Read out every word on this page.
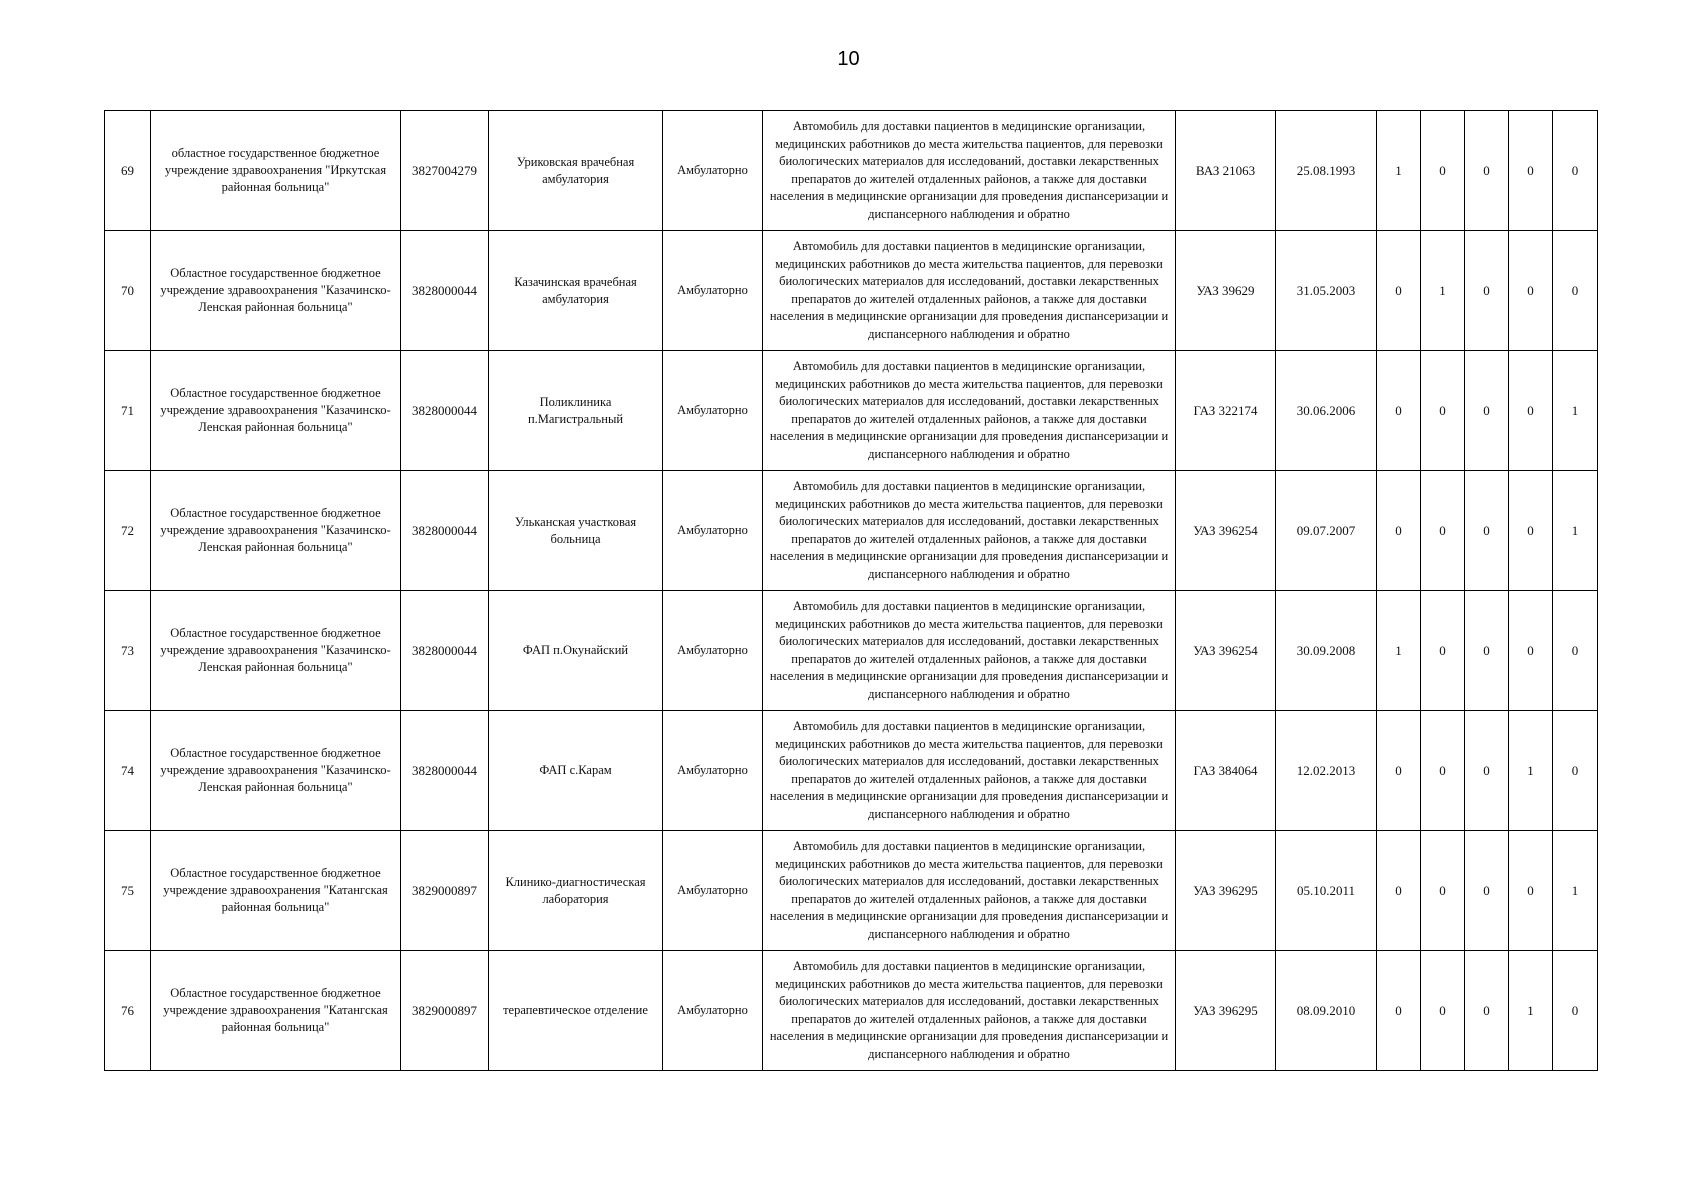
10
69	областное государственное бюджетное учреждение здравоохранения "Иркутская районная больница"	3827004279	Уриковская врачебная амбулатория	Амбулаторно	Автомобиль для доставки пациентов в медицинские организации, медицинских работников до места жительства пациентов, для перевозки биологических материалов для исследований, доставки лекарственных препаратов до жителей отдаленных районов, а также для доставки населения в медицинские организации для проведения диспансеризации и диспансерного наблюдения и обратно	ВАЗ 21063	25.08.1993	1	0	0	0	0
70	Областное государственное бюджетное учреждение здравоохранения "Казачинско-Ленская районная больница"	3828000044	Казачинская врачебная амбулатория	Амбулаторно	Автомобиль для доставки пациентов в медицинские организации, медицинских работников до места жительства пациентов, для перевозки биологических материалов для исследований, доставки лекарственных препаратов до жителей отдаленных районов, а также для доставки населения в медицинские организации для проведения диспансеризации и диспансерного наблюдения и обратно	УАЗ 39629	31.05.2003	0	1	0	0	0
71	Областное государственное бюджетное учреждение здравоохранения "Казачинско-Ленская районная больница"	3828000044	Поликлиника п.Магистральный	Амбулаторно	Автомобиль для доставки пациентов в медицинские организации, медицинских работников до места жительства пациентов, для перевозки биологических материалов для исследований, доставки лекарственных препаратов до жителей отдаленных районов, а также для доставки населения в медицинские организации для проведения диспансеризации и диспансерного наблюдения и обратно	ГАЗ 322174	30.06.2006	0	0	0	0	1
72	Областное государственное бюджетное учреждение здравоохранения "Казачинско-Ленская районная больница"	3828000044	Ульканская участковая больница	Амбулаторно	Автомобиль для доставки пациентов в медицинские организации, медицинских работников до места жительства пациентов, для перевозки биологических материалов для исследований, доставки лекарственных препаратов до жителей отдаленных районов, а также для доставки населения в медицинские организации для проведения диспансеризации и диспансерного наблюдения и обратно	УАЗ 396254	09.07.2007	0	0	0	0	1
73	Областное государственное бюджетное учреждение здравоохранения "Казачинско-Ленская районная больница"	3828000044	ФАП п.Окунайский	Амбулаторно	Автомобиль для доставки пациентов в медицинские организации, медицинских работников до места жительства пациентов, для перевозки биологических материалов для исследований, доставки лекарственных препаратов до жителей отдаленных районов, а также для доставки населения в медицинские организации для проведения диспансеризации и диспансерного наблюдения и обратно	УАЗ 396254	30.09.2008	1	0	0	0	0
74	Областное государственное бюджетное учреждение здравоохранения "Казачинско-Ленская районная больница"	3828000044	ФАП с.Карам	Амбулаторно	Автомобиль для доставки пациентов в медицинские организации, медицинских работников до места жительства пациентов, для перевозки биологических материалов для исследований, доставки лекарственных препаратов до жителей отдаленных районов, а также для доставки населения в медицинские организации для проведения диспансеризации и диспансерного наблюдения и обратно	ГАЗ 384064	12.02.2013	0	0	0	1	0
75	Областное государственное бюджетное учреждение здравоохранения "Катангская районная больница"	3829000897	Клинико-диагностическая лаборатория	Амбулаторно	Автомобиль для доставки пациентов в медицинские организации, медицинских работников до места жительства пациентов, для перевозки биологических материалов для исследований, доставки лекарственных препаратов до жителей отдаленных районов, а также для доставки населения в медицинские организации для проведения диспансеризации и диспансерного наблюдения и обратно	УАЗ 396295	05.10.2011	0	0	0	0	1
76	Областное государственное бюджетное учреждение здравоохранения "Катангская районная больница"	3829000897	терапевтическое отделение	Амбулаторно	Автомобиль для доставки пациентов в медицинские организации, медицинских работников до места жительства пациентов, для перевозки биологических материалов для исследований, доставки лекарственных препаратов до жителей отдаленных районов, а также для доставки населения в медицинские организации для проведения диспансеризации и диспансерного наблюдения и обратно	УАЗ 396295	08.09.2010	0	0	0	1	0
